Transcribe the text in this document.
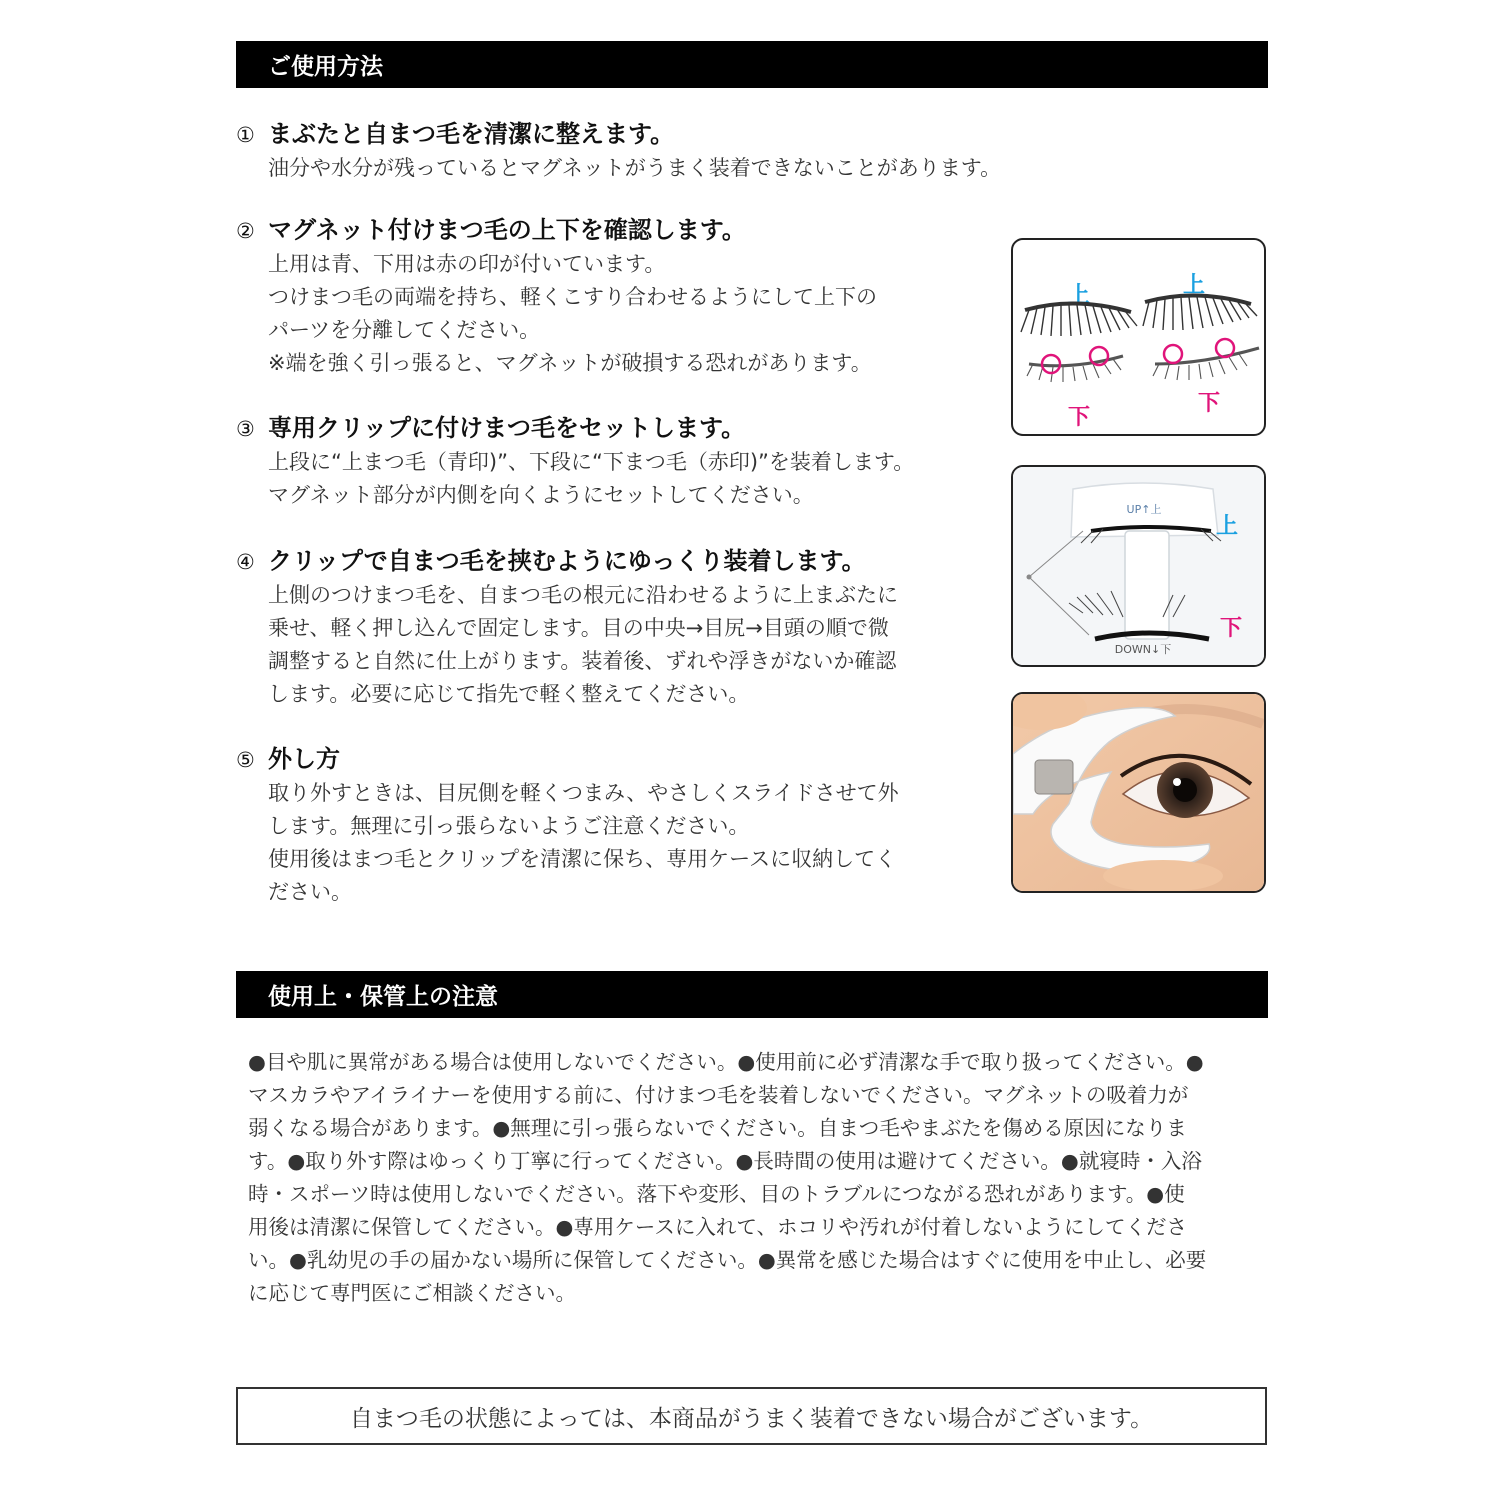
ご使用方法
① まぶたと自まつ毛を清潔に整えます。
油分や水分が残っているとマグネットがうまく装着できないことがあります。
② マグネット付けまつ毛の上下を確認します。
上用は青、下用は赤の印が付いています。
つけまつ毛の両端を持ち、軽くこすり合わせるようにして上下の
パーツを分離してください。
※端を強く引っ張ると、マグネットが破損する恐れがあります。
③ 専用クリップに付けまつ毛をセットします。
上段に“上まつ毛（青印)”、下段に“下まつ毛（赤印)”を装着します。
マグネット部分が内側を向くようにセットしてください。
④ クリップで自まつ毛を挟むようにゆっくり装着します。
上側のつけまつ毛を、自まつ毛の根元に沿わせるように上まぶたに
乗せ、軽く押し込んで固定します。目の中央→目尻→目頭の順で微
調整すると自然に仕上がります。装着後、ずれや浮きがないか確認
します。必要に応じて指先で軽く整えてください。
⑤ 外し方
取り外すときは、目尻側を軽くつまみ、やさしくスライドさせて外
します。無理に引っ張らないようご注意ください。
使用後はまつ毛とクリップを清潔に保ち、専用ケースに収納してく
ださい。
上	上
下
下
UP↑上
DOWN↓下
上
下
使用上・保管上の注意
●目や肌に異常がある場合は使用しないでください。●使用前に必ず清潔な手で取り扱ってください。●
マスカラやアイライナーを使用する前に、付けまつ毛を装着しないでください。マグネットの吸着力が
弱くなる場合があります。●無理に引っ張らないでください。自まつ毛やまぶたを傷める原因になりま
す。●取り外す際はゆっくり丁寧に行ってください。●長時間の使用は避けてください。●就寝時・入浴
時・スポーツ時は使用しないでください。落下や変形、目のトラブルにつながる恐れがあります。●使
用後は清潔に保管してください。●専用ケースに入れて、ホコリや汚れが付着しないようにしてくださ
い。●乳幼児の手の届かない場所に保管してください。●異常を感じた場合はすぐに使用を中止し、必要
に応じて専門医にご相談ください。
自まつ毛の状態によっては、本商品がうまく装着できない場合がございます。
